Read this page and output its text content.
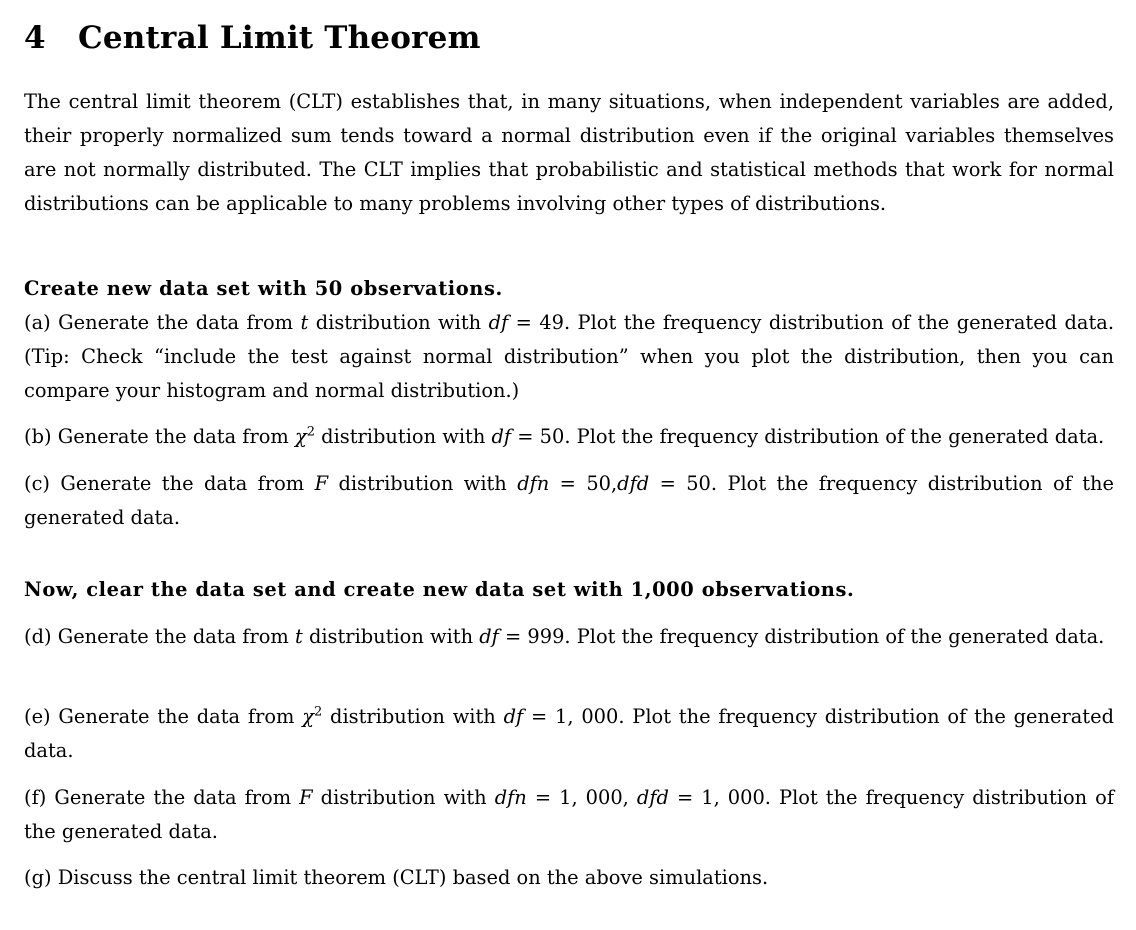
4 Central Limit Theorem

The central limit theorem (CLT) establishes that, in many situations, when independent variables are added, their properly normalized sum tends toward a normal distribution even if the original variables themselves are not normally distributed. The CLT implies that probabilistic and statistical methods that work for normal distributions can be applicable to many problems involving other types of distributions.

Create new data set with 50 observations.

(a) Generate the data from t distribution with df = 49. Plot the frequency distribution of the generated data. (Tip: Check “include the test against normal distribution” when you plot the distribution, then you can compare your histogram and normal distribution.)

(b) Generate the data from $\chi^2$ distribution with df = 50. Plot the frequency distribution of the generated data.

(c) Generate the data from F distribution with dfn = 50,dfd = 50. Plot the frequency distribution of the generated data.

Now, clear the data set and create new data set with 1,000 observations.

(d) Generate the data from t distribution with df = 999. Plot the frequency distribution of the generated data.

(e) Generate the data from $\chi^2$ distribution with df = 1, 000. Plot the frequency distribution of the generated data.

(f) Generate the data from F distribution with dfn = 1, 000, dfd = 1, 000. Plot the frequency distribution of the generated data.

(g) Discuss the central limit theorem (CLT) based on the above simulations.
